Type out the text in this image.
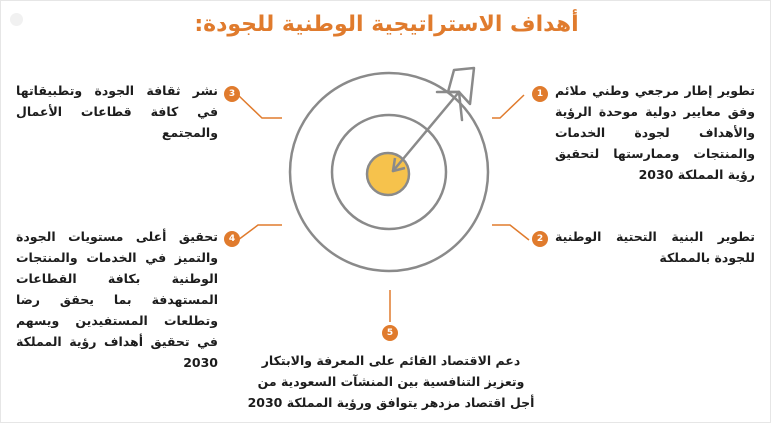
أهداف الاستراتيجية الوطنية للجودة:
1
2
3
4
5
تطوير إطار مرجعي وطني ملائم وفق معايير دولية موحدة الرؤية والأهداف لجودة الخدمات والمنتجات وممارستها لتحقيق رؤية المملكة 2030
تطوير البنية التحتية الوطنية للجودة بالمملكة
نشر ثقافة الجودة وتطبيقاتها في كافة قطاعات الأعمال والمجتمع
تحقيق أعلى مستويات الجودة والتميز في الخدمات والمنتجات الوطنية بكافة القطاعات المستهدفة بما يحقق رضا وتطلعات المستفيدين ويسهم في تحقيق أهداف رؤية المملكة 2030	دعم الاقتصاد القائم على المعرفة والابتكار وتعزيز التنافسية بين المنشآت السعودية من أجل اقتصاد مزدهر يتوافق ورؤية المملكة 2030
